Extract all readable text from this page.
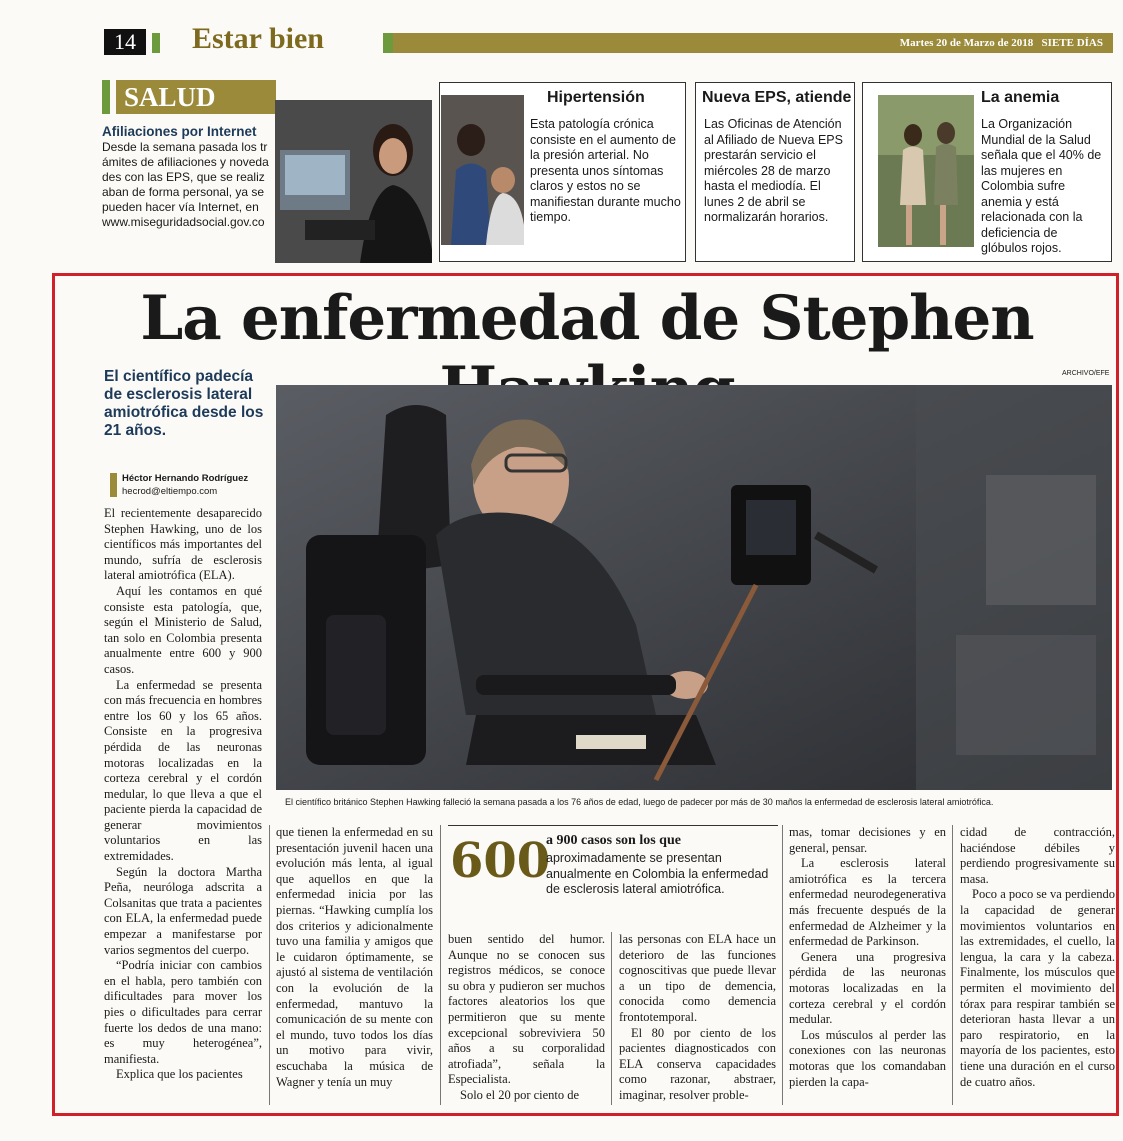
14	Estar bien	Martes 20 de Marzo de 2018 SIETE DÍAS
SALUD
Afiliaciones por Internet
Desde la semana pasada los trámites de afiliaciones y novedades con las EPS, que se realizaban de forma personal, ya se pueden hacer vía Internet, en www.miseguridadsocial.gov.co
Hipertensión
Esta patología crónica consiste en el aumento de la presión arterial. No presenta unos síntomas claros y estos no se manifiestan durante mucho tiempo.
Nueva EPS, atiende
Las Oficinas de Atención al Afiliado de Nueva EPS prestarán servicio el miércoles 28 de marzo hasta el mediodía. El lunes 2 de abril se normalizarán horarios.
La anemia
La Organización Mundial de la Salud señala que el 40% de las mujeres en Colombia sufre anemia y está relacionada con la deficiencia de glóbulos rojos.
La enfermedad de Stephen
El científico padecía de esclerosis lateral amiotrófica desde los 21 años.
Héctor Hernando Rodríguez
hecrod@eltiempo.com
ARCHIVO/EFE
El científico británico Stephen Hawking falleció la semana pasada a los 76 años de edad, luego de padecer por más de 30 maños la enfermedad de esclerosis lateral amiotrófica.

El recientemente desaparecido Stephen Hawking, uno de los científicos más importantes del mundo, sufría de esclerosis lateral amiotrófica (ELA).

Aquí les contamos en qué consiste esta patología, que, según el Ministerio de Salud, tan solo en Colombia presenta anualmente entre 600 y 900 casos.

La enfermedad se presenta con más frecuencia en hombres entre los 60 y los 65 años. Consiste en la progresiva pérdida de las neuronas motoras localizadas en la corteza cerebral y el cordón medular, lo que lleva a que el paciente pierda la capacidad de generar movimientos voluntarios en las extremidades.

Según la doctora Martha Peña, neuróloga adscrita a Colsanitas que trata a pacientes con ELA, la enfermedad puede empezar a manifestarse por varios segmentos del cuerpo.

“Podría iniciar con cambios en el habla, pero también con dificultades para mover los pies o dificultades para cerrar fuerte los dedos de una mano: es muy heterogénea”, manifiesta.

Explica que los pacientes

que tienen la enfermedad en su presentación juvenil hacen una evolución más lenta, al igual que aquellos en que la enfermedad inicia por las piernas. “Hawking cumplía los dos criterios y adicionalmente tuvo una familia y amigos que le cuidaron óptimamente, se ajustó al sistema de ventilación con la evolución de la enfermedad, mantuvo la comunicación de su mente con el mundo, tuvo todos los días un motivo para vivir, escuchaba la música de Wagner y tenía un muy

600
a 900 casos son los que
aproximadamente se presentan anualmente en Colombia la enfermedad de esclerosis lateral amiotrófica.

buen sentido del humor. Aunque no se conocen sus registros médicos, se conoce su obra y pudieron ser muchos factores aleatorios los que permitieron que su mente excepcional sobreviviera 50 años a su corporalidad atrofiada”, señala la Especialista.

Solo el 20 por ciento de

las personas con ELA hace un deterioro de las funciones cognoscitivas que puede llevar a un tipo de demencia, conocida como demencia frontotemporal.

El 80 por ciento de los pacientes diagnosticados con ELA conserva capacidades como razonar, abstraer, imaginar, resolver proble-

mas, tomar decisiones y en general, pensar.

La esclerosis lateral amiotrófica es la tercera enfermedad neurodegenerativa más frecuente después de la enfermedad de Alzheimer y la enfermedad de Parkinson.

Genera una progresiva pérdida de las neuronas motoras localizadas en la corteza cerebral y el cordón medular.

Los músculos al perder las conexiones con las neuronas motoras que los comandaban pierden la capa-

cidad de contracción, haciéndose débiles y perdiendo progresivamente su masa.

Poco a poco se va perdiendo la capacidad de generar movimientos voluntarios en las extremidades, el cuello, la lengua, la cara y la cabeza. Finalmente, los músculos que permiten el movimiento del tórax para respirar también se deterioran hasta llevar a un paro respiratorio, en la mayoría de los pacientes, esto tiene una duración en el curso de cuatro años.
